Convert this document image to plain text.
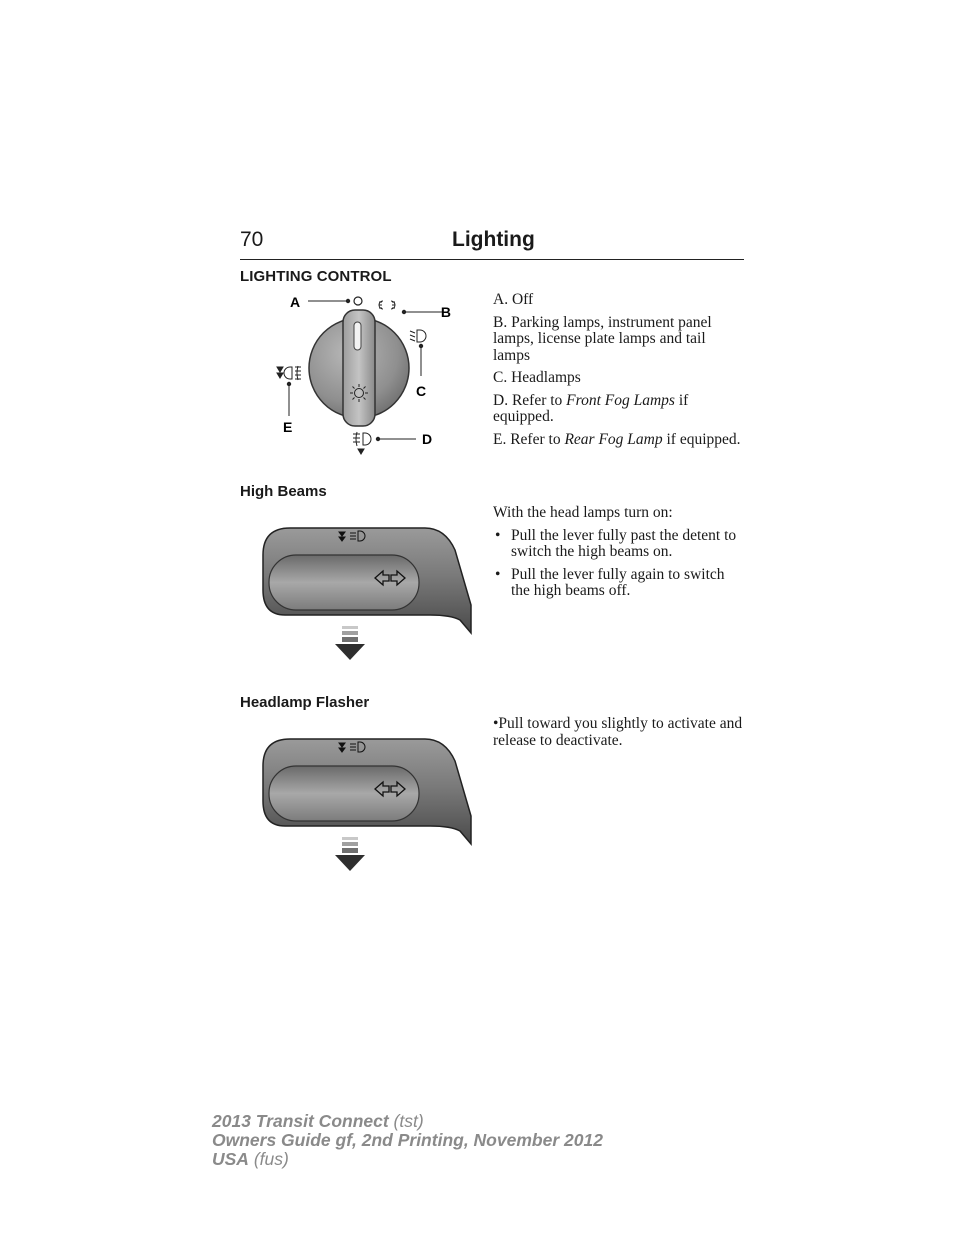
70	Lighting
LIGHTING CONTROL
A
B
C
E
D

A. Off

B. Parking lamps, instrument panel lamps, license plate lamps and tail lamps

C. Headlamps

D. Refer to Front Fog Lamps if equipped.

E. Refer to Rear Fog Lamp if equipped.

High Beams

With the head lamps turn on:

• Pull the lever fully past the detent to switch the high beams on.
• Pull the lever fully again to switch the high beams off.
Headlamp Flasher
•Pull toward you slightly to activate and release to deactivate.
2013 Transit Connect (tst)
Owners Guide gf, 2nd Printing, November 2012
USA (fus)
